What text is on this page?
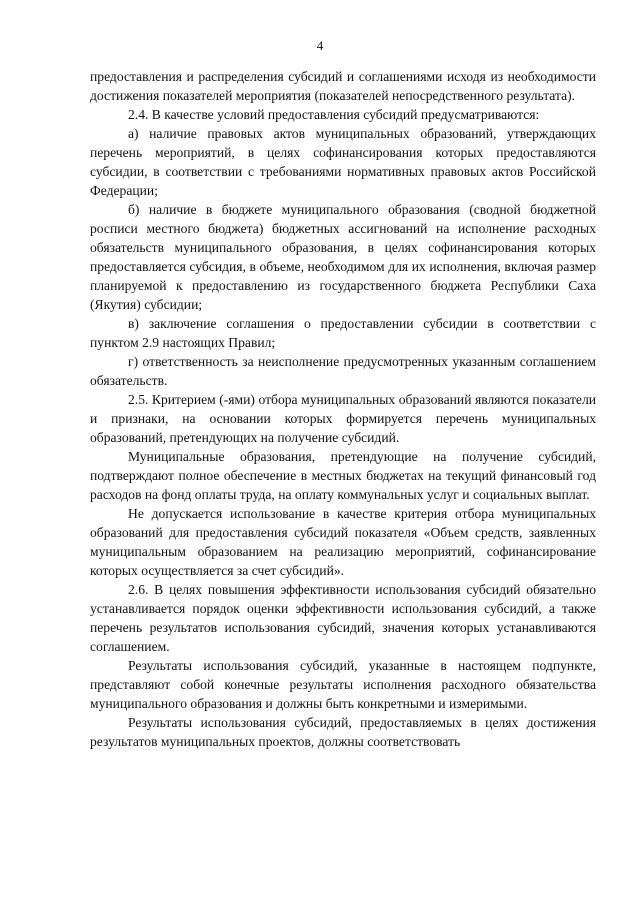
4

предоставления и распределения субсидий и соглашениями исходя из необходимости достижения показателей мероприятия (показателей непосредственного результата).

2.4. В качестве условий предоставления субсидий предусматриваются:

а) наличие правовых актов муниципальных образований, утверждающих перечень мероприятий, в целях софинансирования которых предоставляются субсидии, в соответствии с требованиями нормативных правовых актов Российской Федерации;

б) наличие в бюджете муниципального образования (сводной бюджетной росписи местного бюджета) бюджетных ассигнований на исполнение расходных обязательств муниципального образования, в целях софинансирования которых предоставляется субсидия, в объеме, необходимом для их исполнения, включая размер планируемой к предоставлению из государственного бюджета Республики Саха (Якутия) субсидии;

в) заключение соглашения о предоставлении субсидии в соответствии с пунктом 2.9 настоящих Правил;

г) ответственность за неисполнение предусмотренных указанным соглашением обязательств.

2.5. Критерием (-ями) отбора муниципальных образований являются показатели и признаки, на основании которых формируется перечень муниципальных образований, претендующих на получение субсидий.

Муниципальные образования, претендующие на получение субсидий, подтверждают полное обеспечение в местных бюджетах на текущий финансовый год расходов на фонд оплаты труда, на оплату коммунальных услуг и социальных выплат.

Не допускается использование в качестве критерия отбора муниципальных образований для предоставления субсидий показателя «Объем средств, заявленных муниципальным образованием на реализацию мероприятий, софинансирование которых осуществляется за счет субсидий».

2.6. В целях повышения эффективности использования субсидий обязательно устанавливается порядок оценки эффективности использования субсидий, а также перечень результатов использования субсидий, значения которых устанавливаются соглашением.

Результаты использования субсидий, указанные в настоящем подпункте, представляют собой конечные результаты исполнения расходного обязательства муниципального образования и должны быть конкретными и измеримыми.

Результаты использования субсидий, предоставляемых в целях достижения результатов муниципальных проектов, должны соответствовать
